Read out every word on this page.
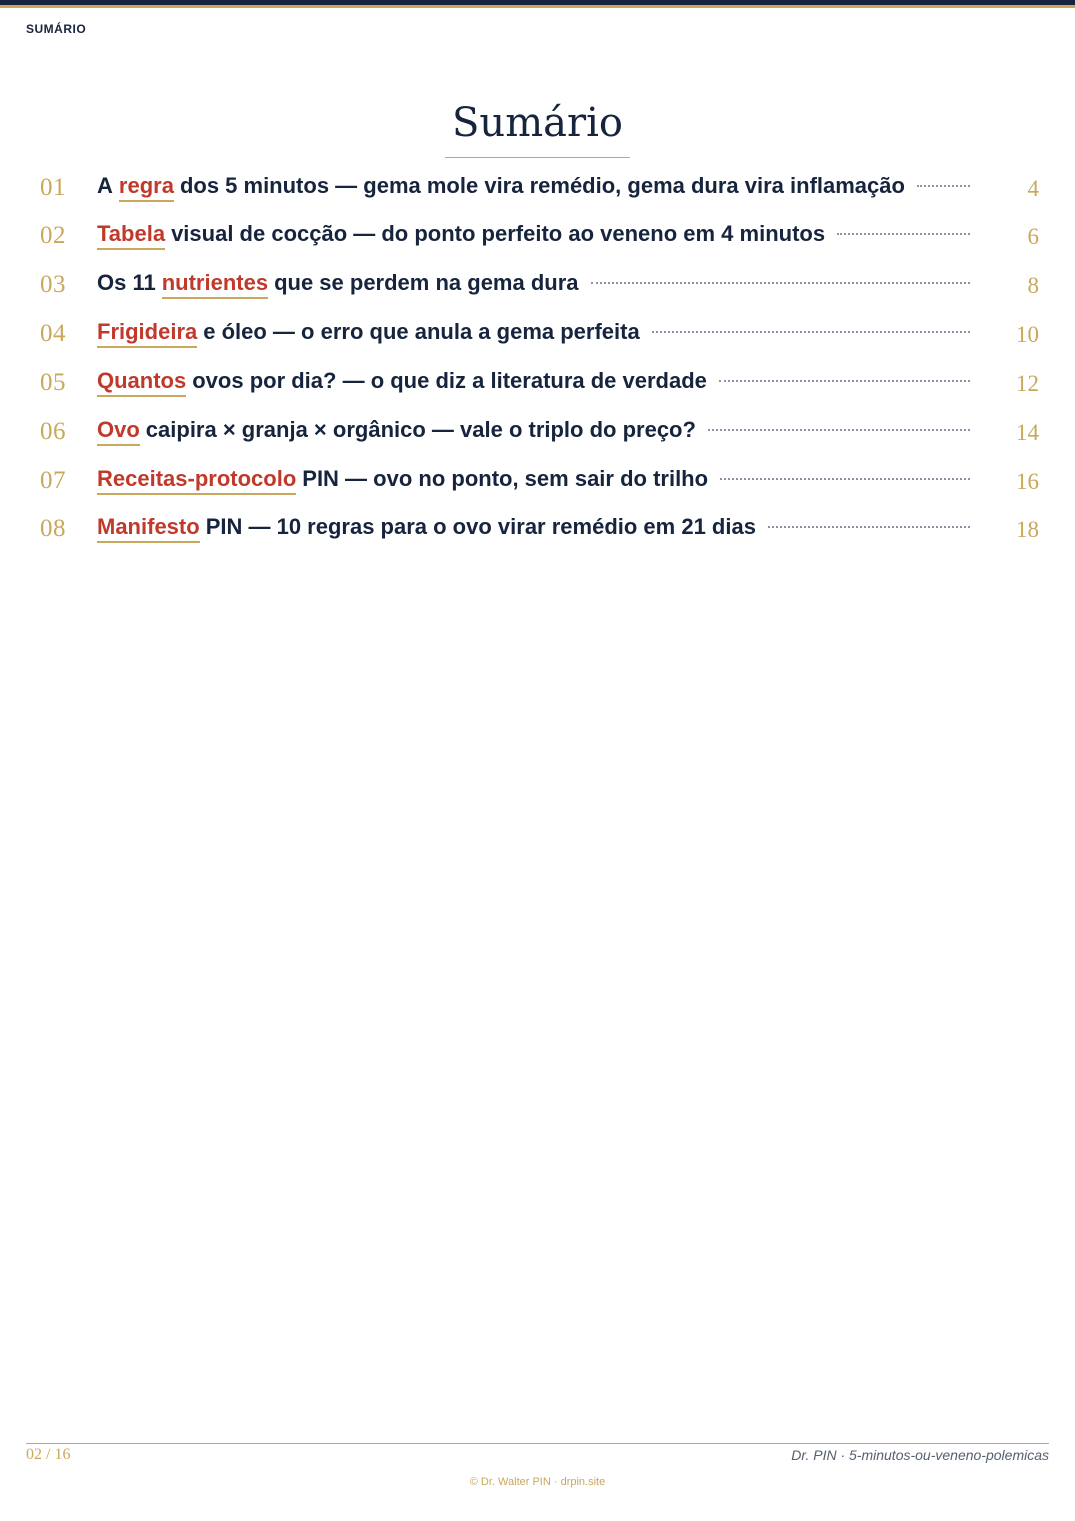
SUMÁRIO
Sumário
01 A regra dos 5 minutos — gema mole vira remédio, gema dura vira inflamação	4
02 Tabela visual de cocção — do ponto perfeito ao veneno em 4 minutos	6
03 Os 11 nutrientes que se perdem na gema dura	8
04 Frigideira e óleo — o erro que anula a gema perfeita	10
05 Quantos ovos por dia? — o que diz a literatura de verdade	12
06 Ovo caipira × granja × orgânico — vale o triplo do preço?	14
07 Receitas-protocolo PIN — ovo no ponto, sem sair do trilho	16
08 Manifesto PIN — 10 regras para o ovo virar remédio em 21 dias	18
02 / 16	Dr. PIN · 5-minutos-ou-veneno-polemicas
© Dr. Walter PIN · drpin.site
